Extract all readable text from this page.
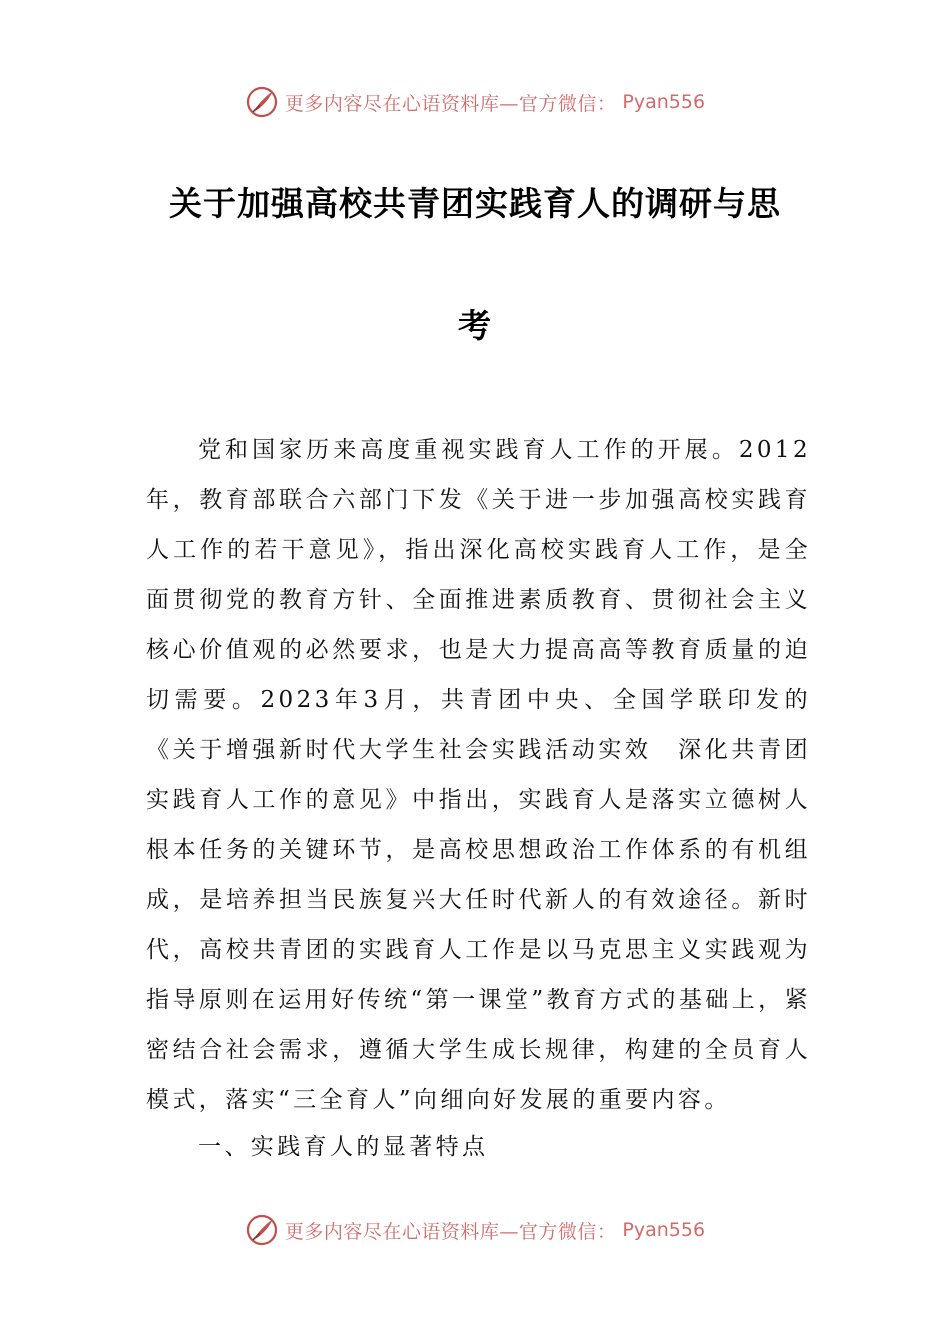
更多内容尽在心语资料库—官方微信： Pyan556
关于加强高校共青团实践育人的调研与思
考

党和国家历来高度重视实践育人工作的开展。2012年，教育部联合六部门下发《关于进一步加强高校实践育人工作的若干意见》，指出深化高校实践育人工作，是全面贯彻党的教育方针、全面推进素质教育、贯彻社会主义核心价值观的必然要求，也是大力提高高等教育质量的迫切需要。2023年3月，共青团中央、全国学联印发的《关于增强新时代大学生社会实践活动实效　深化共青团实践育人工作的意见》中指出，实践育人是落实立德树人根本任务的关键环节，是高校思想政治工作体系的有机组成，是培养担当民族复兴大任时代新人的有效途径。新时代，高校共青团的实践育人工作是以马克思主义实践观为指导原则在运用好传统“第一课堂”教育方式的基础上，紧密结合社会需求，遵循大学生成长规律，构建的全员育人模式，落实“三全育人”向细向好发展的重要内容。

一、实践育人的显著特点

更多内容尽在心语资料库—官方微信： Pyan556
